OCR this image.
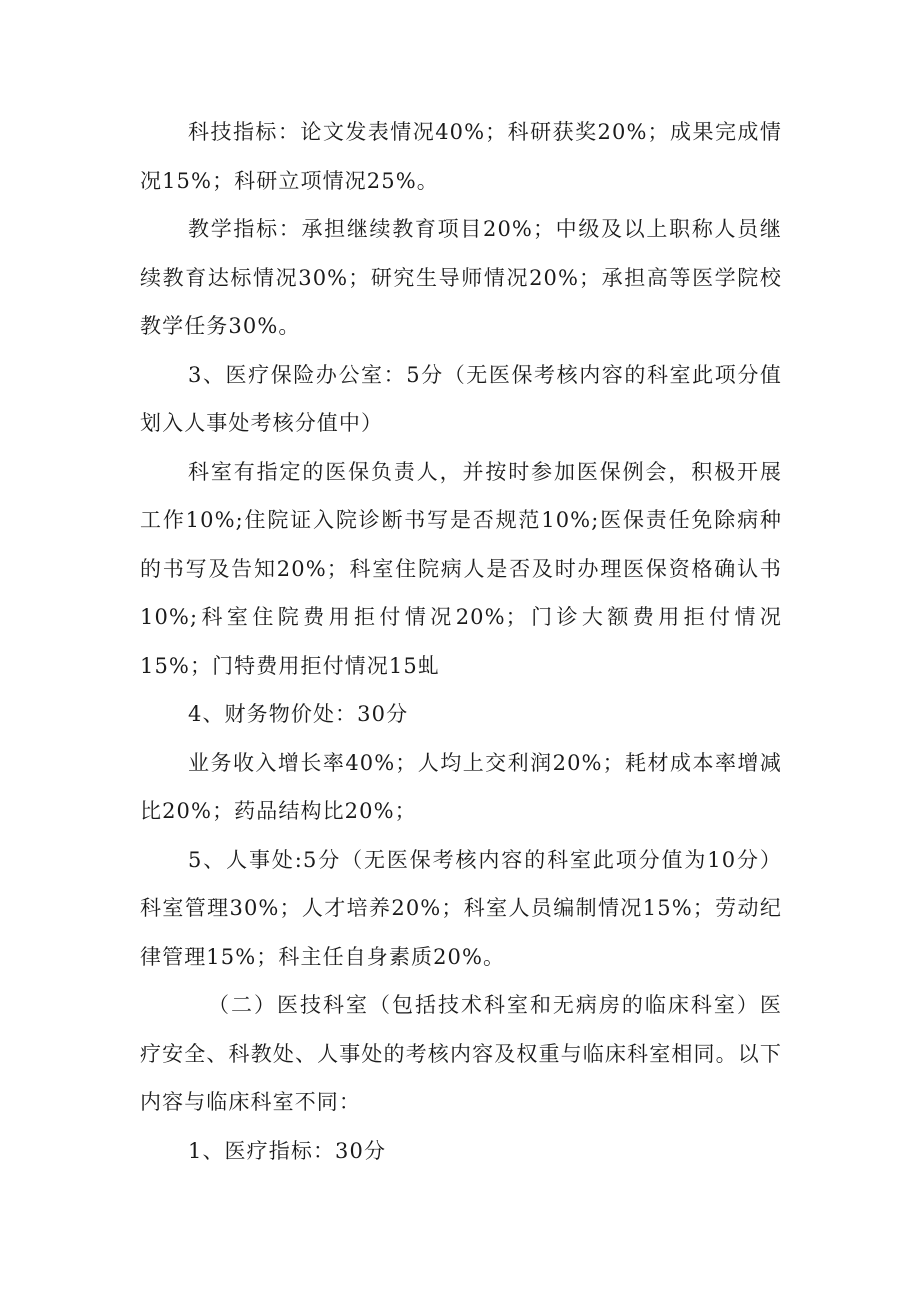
科技指标：论文发表情况40%；科研获奖20%；成果完成情况15%；科研立项情况25%。

教学指标：承担继续教育项目20%；中级及以上职称人员继续教育达标情况30%；研究生导师情况20%；承担高等医学院校教学任务30%。

3、医疗保险办公室：5分（无医保考核内容的科室此项分值划入人事处考核分值中）

科室有指定的医保负责人，并按时参加医保例会，积极开展工作10%;住院证入院诊断书写是否规范10%;医保责任免除病种的书写及告知20%；科室住院病人是否及时办理医保资格确认书10%;科室住院费用拒付情况20%；门诊大额费用拒付情况15%；门特费用拒付情况15虬

4、财务物价处：30分

业务收入增长率40%；人均上交利润20%；耗材成本率增减比20%；药品结构比20%；

5、人事处:5分（无医保考核内容的科室此项分值为10分）科室管理30%；人才培养20%；科室人员编制情况15%；劳动纪律管理15%；科主任自身素质20%。

（二）医技科室（包括技术科室和无病房的临床科室）医疗安全、科教处、人事处的考核内容及权重与临床科室相同。以下内容与临床科室不同：

1、医疗指标：30分
